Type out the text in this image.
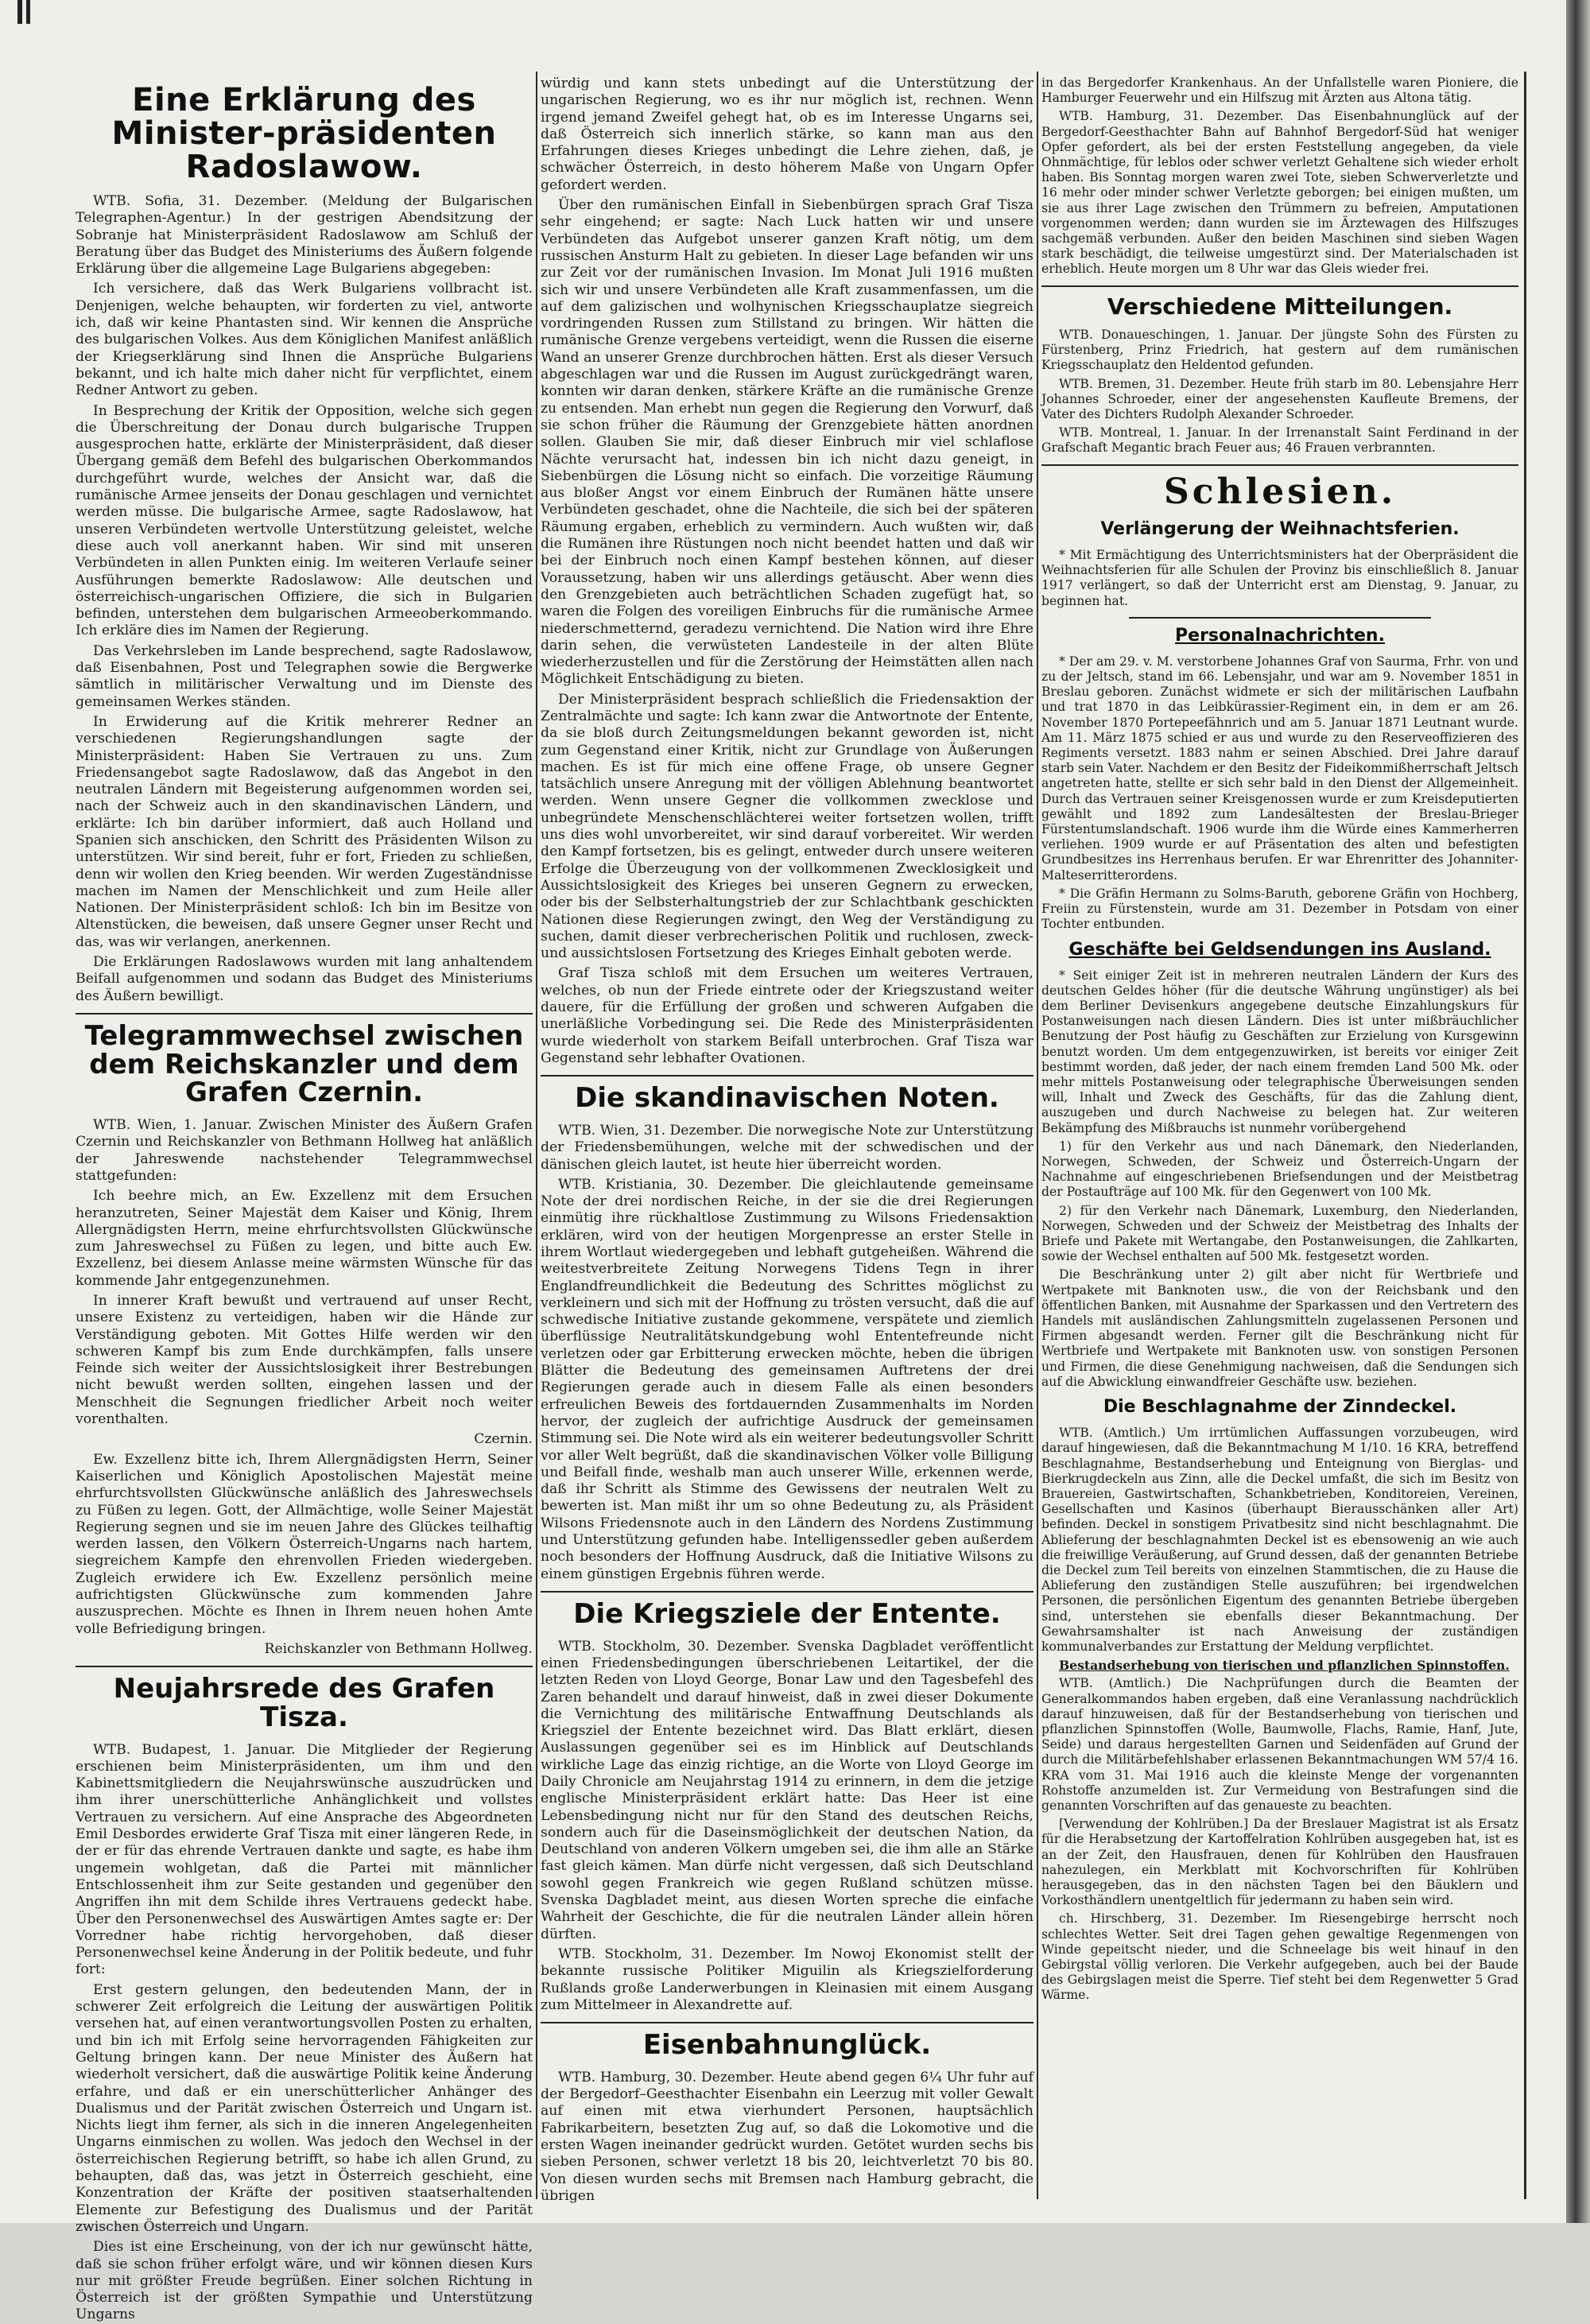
Eine Erklärung des Minister-präsidenten Radoslawow.

WTB. Sofia, 31. Dezember. (Meldung der Bulgarischen Telegraphen-Agentur.) In der gestrigen Abendsitzung der Sobranje hat Ministerpräsident Radoslawow am Schluß der Beratung über das Budget des Ministeriums des Äußern folgende Erklärung über die allgemeine Lage Bulgariens abgegeben:

Ich versichere, daß das Werk Bulgariens vollbracht ist. Denjenigen, welche behaupten, wir forderten zu viel, antworte ich, daß wir keine Phantasten sind. Wir kennen die Ansprüche des bulgarischen Volkes. Aus dem Königlichen Manifest anläßlich der Kriegserklärung sind Ihnen die Ansprüche Bulgariens bekannt, und ich halte mich daher nicht für verpflichtet, einem Redner Antwort zu geben.

In Besprechung der Kritik der Opposition, welche sich gegen die Überschreitung der Donau durch bulgarische Truppen ausgesprochen hatte, erklärte der Ministerpräsident, daß dieser Übergang gemäß dem Befehl des bulgarischen Oberkommandos durchgeführt wurde, welches der Ansicht war, daß die rumänische Armee jenseits der Donau geschlagen und vernichtet werden müsse. Die bulgarische Armee, sagte Radoslawow, hat unseren Verbündeten wertvolle Unterstützung geleistet, welche diese auch voll anerkannt haben. Wir sind mit unseren Verbündeten in allen Punkten einig. Im weiteren Verlaufe seiner Ausführungen bemerkte Radoslawow: Alle deutschen und österreichisch-ungarischen Offiziere, die sich in Bulgarien befinden, unterstehen dem bulgarischen Armeeoberkommando. Ich erkläre dies im Namen der Regierung.

Das Verkehrsleben im Lande besprechend, sagte Radoslawow, daß Eisenbahnen, Post und Telegraphen sowie die Bergwerke sämtlich in militärischer Verwaltung und im Dienste des gemeinsamen Werkes ständen.

In Erwiderung auf die Kritik mehrerer Redner an verschiedenen Regierungshandlungen sagte der Ministerpräsident: Haben Sie Vertrauen zu uns. Zum Friedensangebot sagte Radoslawow, daß das Angebot in den neutralen Ländern mit Begeisterung aufgenommen worden sei, nach der Schweiz auch in den skandinavischen Ländern, und erklärte: Ich bin darüber informiert, daß auch Holland und Spanien sich anschicken, den Schritt des Präsidenten Wilson zu unterstützen. Wir sind bereit, fuhr er fort, Frieden zu schließen, denn wir wollen den Krieg beenden. Wir werden Zugeständnisse machen im Namen der Menschlichkeit und zum Heile aller Nationen. Der Ministerpräsident schloß: Ich bin im Besitze von Altenstücken, die beweisen, daß unsere Gegner unser Recht und das, was wir verlangen, anerkennen.

Die Erklärungen Radoslawows wurden mit lang anhaltendem Beifall aufgenommen und sodann das Budget des Ministeriums des Äußern bewilligt.

Telegrammwechsel zwischen dem Reichskanzler und dem Grafen Czernin.

WTB. Wien, 1. Januar. Zwischen Minister des Äußern Grafen Czernin und Reichskanzler von Bethmann Hollweg hat anläßlich der Jahreswende nachstehender Telegrammwechsel stattgefunden:

Ich beehre mich, an Ew. Exzellenz mit dem Ersuchen heranzutreten, Seiner Majestät dem Kaiser und König, Ihrem Allergnädigsten Herrn, meine ehrfurchtsvollsten Glückwünsche zum Jahreswechsel zu Füßen zu legen, und bitte auch Ew. Exzellenz, bei diesem Anlasse meine wärmsten Wünsche für das kommende Jahr entgegenzunehmen.

In innerer Kraft bewußt und vertrauend auf unser Recht, unsere Existenz zu verteidigen, haben wir die Hände zur Verständigung geboten. Mit Gottes Hilfe werden wir den schweren Kampf bis zum Ende durchkämpfen, falls unsere Feinde sich weiter der Aussichtslosigkeit ihrer Bestrebungen nicht bewußt werden sollten, eingehen lassen und der Menschheit die Segnungen friedlicher Arbeit noch weiter vorenthalten.

Czernin.

Ew. Exzellenz bitte ich, Ihrem Allergnädigsten Herrn, Seiner Kaiserlichen und Königlich Apostolischen Majestät meine ehrfurchtsvollsten Glückwünsche anläßlich des Jahreswechsels zu Füßen zu legen. Gott, der Allmächtige, wolle Seiner Majestät Regierung segnen und sie im neuen Jahre des Glückes teilhaftig werden lassen, den Völkern Österreich-Ungarns nach hartem, siegreichem Kampfe den ehrenvollen Frieden wiedergeben. Zugleich erwidere ich Ew. Exzellenz persönlich meine aufrichtigsten Glückwünsche zum kommenden Jahre auszusprechen. Möchte es Ihnen in Ihrem neuen hohen Amte volle Befriedigung bringen.

Reichskanzler von Bethmann Hollweg.

Neujahrsrede des Grafen Tisza.

WTB. Budapest, 1. Januar. Die Mitglieder der Regierung erschienen beim Ministerpräsidenten, um ihm und den Kabinettsmitgliedern die Neujahrswünsche auszudrücken und ihm ihrer unerschütterliche Anhänglichkeit und vollstes Vertrauen zu versichern. Auf eine Ansprache des Abgeordneten Emil Desbordes erwiderte Graf Tisza mit einer längeren Rede, in der er für das ehrende Vertrauen dankte und sagte, es habe ihm ungemein wohlgetan, daß die Partei mit männlicher Entschlossenheit ihm zur Seite gestanden und gegenüber den Angriffen ihn mit dem Schilde ihres Vertrauens gedeckt habe. Über den Personenwechsel des Auswärtigen Amtes sagte er: Der Vorredner habe richtig hervorgehoben, daß dieser Personenwechsel keine Änderung in der Politik bedeute, und fuhr fort:

Erst gestern gelungen, den bedeutenden Mann, der in schwerer Zeit erfolgreich die Leitung der auswärtigen Politik versehen hat, auf einen verantwortungsvollen Posten zu erhalten, und bin ich mit Erfolg seine hervorragenden Fähigkeiten zur Geltung bringen kann. Der neue Minister des Äußern hat wiederholt versichert, daß die auswärtige Politik keine Änderung erfahre, und daß er ein unerschütterlicher Anhänger des Dualismus und der Parität zwischen Österreich und Ungarn ist. Nichts liegt ihm ferner, als sich in die inneren Angelegenheiten Ungarns einmischen zu wollen. Was jedoch den Wechsel in der österreichischen Regierung betrifft, so habe ich allen Grund, zu behaupten, daß das, was jetzt in Österreich geschieht, eine Konzentration der Kräfte der positiven staatserhaltenden Elemente zur Befestigung des Dualismus und der Parität zwischen Österreich und Ungarn.

Dies ist eine Erscheinung, von der ich nur gewünscht hätte, daß sie schon früher erfolgt wäre, und wir können diesen Kurs nur mit größter Freude begrüßen. Einer solchen Richtung in Österreich ist der größten Sympathie und Unterstützung Ungarns

würdig und kann stets unbedingt auf die Unterstützung der ungarischen Regierung, wo es ihr nur möglich ist, rechnen. Wenn irgend jemand Zweifel gehegt hat, ob es im Interesse Ungarns sei, daß Österreich sich innerlich stärke, so kann man aus den Erfahrungen dieses Krieges unbedingt die Lehre ziehen, daß, je schwächer Österreich, in desto höherem Maße von Ungarn Opfer gefordert werden.

Über den rumänischen Einfall in Siebenbürgen sprach Graf Tisza sehr eingehend; er sagte: Nach Luck hatten wir und unsere Verbündeten das Aufgebot unserer ganzen Kraft nötig, um dem russischen Ansturm Halt zu gebieten. In dieser Lage befanden wir uns zur Zeit vor der rumänischen Invasion. Im Monat Juli 1916 mußten sich wir und unsere Verbündeten alle Kraft zusammenfassen, um die auf dem galizischen und wolhynischen Kriegsschauplatze siegreich vordringenden Russen zum Stillstand zu bringen. Wir hätten die rumänische Grenze vergebens verteidigt, wenn die Russen die eiserne Wand an unserer Grenze durchbrochen hätten. Erst als dieser Versuch abgeschlagen war und die Russen im August zurückgedrängt waren, konnten wir daran denken, stärkere Kräfte an die rumänische Grenze zu entsenden. Man erhebt nun gegen die Regierung den Vorwurf, daß sie schon früher die Räumung der Grenzgebiete hätten anordnen sollen. Glauben Sie mir, daß dieser Einbruch mir viel schlaflose Nächte verursacht hat, indessen bin ich nicht dazu geneigt, in Siebenbürgen die Lösung nicht so einfach. Die vorzeitige Räumung aus bloßer Angst vor einem Einbruch der Rumänen hätte unsere Verbündeten geschadet, ohne die Nachteile, die sich bei der späteren Räumung ergaben, erheblich zu vermindern. Auch wußten wir, daß die Rumänen ihre Rüstungen noch nicht beendet hatten und daß wir bei der Einbruch noch einen Kampf bestehen können, auf dieser Voraussetzung, haben wir uns allerdings getäuscht. Aber wenn dies den Grenzgebieten auch beträchtlichen Schaden zugefügt hat, so waren die Folgen des voreiligen Einbruchs für die rumänische Armee niederschmetternd, geradezu vernichtend. Die Nation wird ihre Ehre darin sehen, die verwüsteten Landesteile in der alten Blüte wiederherzustellen und für die Zerstörung der Heimstätten allen nach Möglichkeit Entschädigung zu bieten.

Der Ministerpräsident besprach schließlich die Friedensaktion der Zentralmächte und sagte: Ich kann zwar die Antwortnote der Entente, da sie bloß durch Zeitungsmeldungen bekannt geworden ist, nicht zum Gegenstand einer Kritik, nicht zur Grundlage von Äußerungen machen. Es ist für mich eine offene Frage, ob unsere Gegner tatsächlich unsere Anregung mit der völligen Ablehnung beantwortet werden. Wenn unsere Gegner die vollkommen zwecklose und unbegründete Menschenschlächterei weiter fortsetzen wollen, trifft uns dies wohl unvorbereitet, wir sind darauf vorbereitet. Wir werden den Kampf fortsetzen, bis es gelingt, entweder durch unsere weiteren Erfolge die Überzeugung von der vollkommenen Zwecklosigkeit und Aussichtslosigkeit des Krieges bei unseren Gegnern zu erwecken, oder bis der Selbsterhaltungstrieb der zur Schlachtbank geschickten Nationen diese Regierungen zwingt, den Weg der Verständigung zu suchen, damit dieser verbrecherischen Politik und ruchlosen, zweck- und aussichtslosen Fortsetzung des Krieges Einhalt geboten werde.

Graf Tisza schloß mit dem Ersuchen um weiteres Vertrauen, welches, ob nun der Friede eintrete oder der Kriegszustand weiter dauere, für die Erfüllung der großen und schweren Aufgaben die unerläßliche Vorbedingung sei. Die Rede des Ministerpräsidenten wurde wiederholt von starkem Beifall unterbrochen. Graf Tisza war Gegenstand sehr lebhafter Ovationen.

Die skandinavischen Noten.

WTB. Wien, 31. Dezember. Die norwegische Note zur Unterstützung der Friedensbemühungen, welche mit der schwedischen und der dänischen gleich lautet, ist heute hier überreicht worden.

WTB. Kristiania, 30. Dezember. Die gleichlautende gemeinsame Note der drei nordischen Reiche, in der sie die drei Regierungen einmütig ihre rückhaltlose Zustimmung zu Wilsons Friedensaktion erklären, wird von der heutigen Morgenpresse an erster Stelle in ihrem Wortlaut wiedergegeben und lebhaft gutgeheißen. Während die weitestverbreitete Zeitung Norwegens Tidens Tegn in ihrer Englandfreundlichkeit die Bedeutung des Schrittes möglichst zu verkleinern und sich mit der Hoffnung zu trösten versucht, daß die auf schwedische Initiative zustande gekommene, verspätete und ziemlich überflüssige Neutralitätskundgebung wohl Ententefreunde nicht verletzen oder gar Erbitterung erwecken möchte, heben die übrigen Blätter die Bedeutung des gemeinsamen Auftretens der drei Regierungen gerade auch in diesem Falle als einen besonders erfreulichen Beweis des fortdauernden Zusammenhalts im Norden hervor, der zugleich der aufrichtige Ausdruck der gemeinsamen Stimmung sei. Die Note wird als ein weiterer bedeutungsvoller Schritt vor aller Welt begrüßt, daß die skandinavischen Völker volle Billigung und Beifall finde, weshalb man auch unserer Wille, erkennen werde, daß ihr Schritt als Stimme des Gewissens der neutralen Welt zu bewerten ist. Man mißt ihr um so ohne Bedeutung zu, als Präsident Wilsons Friedensnote auch in den Ländern des Nordens Zustimmung und Unterstützung gefunden habe. Intelligenssedler geben außerdem noch besonders der Hoffnung Ausdruck, daß die Initiative Wilsons zu einem günstigen Ergebnis führen werde.

Die Kriegsziele der Entente.

WTB. Stockholm, 30. Dezember. Svenska Dagbladet veröffentlicht einen Friedensbedingungen überschriebenen Leitartikel, der die letzten Reden von Lloyd George, Bonar Law und den Tagesbefehl des Zaren behandelt und darauf hinweist, daß in zwei dieser Dokumente die Vernichtung des militärische Entwaffnung Deutschlands als Kriegsziel der Entente bezeichnet wird. Das Blatt erklärt, diesen Auslassungen gegenüber sei es im Hinblick auf Deutschlands wirkliche Lage das einzig richtige, an die Worte von Lloyd George im Daily Chronicle am Neujahrstag 1914 zu erinnern, in dem die jetzige englische Ministerpräsident erklärt hatte: Das Heer ist eine Lebensbedingung nicht nur für den Stand des deutschen Reichs, sondern auch für die Daseinsmöglichkeit der deutschen Nation, da Deutschland von anderen Völkern umgeben sei, die ihm alle an Stärke fast gleich kämen. Man dürfe nicht vergessen, daß sich Deutschland sowohl gegen Frankreich wie gegen Rußland schützen müsse. Svenska Dagbladet meint, aus diesen Worten spreche die einfache Wahrheit der Geschichte, die für die neutralen Länder allein hören dürften.

WTB. Stockholm, 31. Dezember. Im Nowoj Ekonomist stellt der bekannte russische Politiker Miguilin als Kriegszielforderung Rußlands große Landerwerbungen in Kleinasien mit einem Ausgang zum Mittelmeer in Alexandrette auf.

Eisenbahnunglück.

WTB. Hamburg, 30. Dezember. Heute abend gegen 6¼ Uhr fuhr auf der Bergedorf–Geesthachter Eisenbahn ein Leerzug mit voller Gewalt auf einen mit etwa vierhundert Personen, hauptsächlich Fabrikarbeitern, besetzten Zug auf, so daß die Lokomotive und die ersten Wagen ineinander gedrückt wurden. Getötet wurden sechs bis sieben Personen, schwer verletzt 18 bis 20, leichtverletzt 70 bis 80. Von diesen wurden sechs mit Bremsen nach Hamburg gebracht, die übrigen

in das Bergedorfer Krankenhaus. An der Unfallstelle waren Pioniere, die Hamburger Feuerwehr und ein Hilfszug mit Ärzten aus Altona tätig.

WTB. Hamburg, 31. Dezember. Das Eisenbahnunglück auf der Bergedorf-Geesthachter Bahn auf Bahnhof Bergedorf-Süd hat weniger Opfer gefordert, als bei der ersten Feststellung angegeben, da viele Ohnmächtige, für leblos oder schwer verletzt Gehaltene sich wieder erholt haben. Bis Sonntag morgen waren zwei Tote, sieben Schwerverletzte und 16 mehr oder minder schwer Verletzte geborgen; bei einigen mußten, um sie aus ihrer Lage zwischen den Trümmern zu befreien, Amputationen vorgenommen werden; dann wurden sie im Ärztewagen des Hilfszuges sachgemäß verbunden. Außer den beiden Maschinen sind sieben Wagen stark beschädigt, die teilweise umgestürzt sind. Der Materialschaden ist erheblich. Heute morgen um 8 Uhr war das Gleis wieder frei.

Verschiedene Mitteilungen.

WTB. Donaueschingen, 1. Januar. Der jüngste Sohn des Fürsten zu Fürstenberg, Prinz Friedrich, hat gestern auf dem rumänischen Kriegsschauplatz den Heldentod gefunden.

WTB. Bremen, 31. Dezember. Heute früh starb im 80. Lebensjahre Herr Johannes Schroeder, einer der angesehensten Kaufleute Bremens, der Vater des Dichters Rudolph Alexander Schroeder.

WTB. Montreal, 1. Januar. In der Irrenanstalt Saint Ferdinand in der Grafschaft Megantic brach Feuer aus; 46 Frauen verbrannten.

Schlesien.
Verlängerung der Weihnachtsferien.

* Mit Ermächtigung des Unterrichtsministers hat der Oberpräsident die Weihnachtsferien für alle Schulen der Provinz bis einschließlich 8. Januar 1917 verlängert, so daß der Unterricht erst am Dienstag, 9. Januar, zu beginnen hat.

Personalnachrichten.

* Der am 29. v. M. verstorbene Johannes Graf von Saurma, Frhr. von und zu der Jeltsch, stand im 66. Lebensjahr, und war am 9. November 1851 in Breslau geboren. Zunächst widmete er sich der militärischen Laufbahn und trat 1870 in das Leibkürassier-Regiment ein, in dem er am 26. November 1870 Portepeefähnrich und am 5. Januar 1871 Leutnant wurde. Am 11. März 1875 schied er aus und wurde zu den Reserveoffizieren des Regiments versetzt. 1883 nahm er seinen Abschied. Drei Jahre darauf starb sein Vater. Nachdem er den Besitz der Fideikommißherrschaft Jeltsch angetreten hatte, stellte er sich sehr bald in den Dienst der Allgemeinheit. Durch das Vertrauen seiner Kreisgenossen wurde er zum Kreisdeputierten gewählt und 1892 zum Landesältesten der Breslau-Brieger Fürstentumslandschaft. 1906 wurde ihm die Würde eines Kammerherren verliehen. 1909 wurde er auf Präsentation des alten und befestigten Grundbesitzes ins Herrenhaus berufen. Er war Ehrenritter des Johanniter-Malteserritterordens.

* Die Gräfin Hermann zu Solms-Baruth, geborene Gräfin von Hochberg, Freiin zu Fürstenstein, wurde am 31. Dezember in Potsdam von einer Tochter entbunden.

Geschäfte bei Geldsendungen ins Ausland.

* Seit einiger Zeit ist in mehreren neutralen Ländern der Kurs des deutschen Geldes höher (für die deutsche Währung ungünstiger) als bei dem Berliner Devisenkurs angegebene deutsche Einzahlungskurs für Postanweisungen nach diesen Ländern. Dies ist unter mißbräuchlicher Benutzung der Post häufig zu Geschäften zur Erzielung von Kursgewinn benutzt worden. Um dem entgegenzuwirken, ist bereits vor einiger Zeit bestimmt worden, daß jeder, der nach einem fremden Land 500 Mk. oder mehr mittels Postanweisung oder telegraphische Überweisungen senden will, Inhalt und Zweck des Geschäfts, für das die Zahlung dient, auszugeben und durch Nachweise zu belegen hat. Zur weiteren Bekämpfung des Mißbrauchs ist nunmehr vorübergehend

1) für den Verkehr aus und nach Dänemark, den Niederlanden, Norwegen, Schweden, der Schweiz und Österreich-Ungarn der Nachnahme auf eingeschriebenen Briefsendungen und der Meistbetrag der Postaufträge auf 100 Mk. für den Gegenwert von 100 Mk.

2) für den Verkehr nach Dänemark, Luxemburg, den Niederlanden, Norwegen, Schweden und der Schweiz der Meistbetrag des Inhalts der Briefe und Pakete mit Wertangabe, den Postanweisungen, die Zahlkarten, sowie der Wechsel enthalten auf 500 Mk. festgesetzt worden.

Die Beschränkung unter 2) gilt aber nicht für Wertbriefe und Wertpakete mit Banknoten usw., die von der Reichsbank und den öffentlichen Banken, mit Ausnahme der Sparkassen und den Vertretern des Handels mit ausländischen Zahlungsmitteln zugelassenen Personen und Firmen abgesandt werden. Ferner gilt die Beschränkung nicht für Wertbriefe und Wertpakete mit Banknoten usw. von sonstigen Personen und Firmen, die diese Genehmigung nachweisen, daß die Sendungen sich auf die Abwicklung einwandfreier Geschäfte usw. beziehen.

Die Beschlagnahme der Zinndeckel.

WTB. (Amtlich.) Um irrtümlichen Auffassungen vorzubeugen, wird darauf hingewiesen, daß die Bekanntmachung M 1/10. 16 KRA, betreffend Beschlagnahme, Bestandserhebung und Enteignung von Bierglas- und Bierkrugdeckeln aus Zinn, alle die Deckel umfaßt, die sich im Besitz von Brauereien, Gastwirtschaften, Schankbetrieben, Konditoreien, Vereinen, Gesellschaften und Kasinos (überhaupt Bierausschänken aller Art) befinden. Deckel in sonstigem Privatbesitz sind nicht beschlagnahmt. Die Ablieferung der beschlagnahmten Deckel ist es ebensowenig an wie auch die freiwillige Veräußerung, auf Grund dessen, daß der genannten Betriebe die Deckel zum Teil bereits von einzelnen Stammtischen, die zu Hause die Ablieferung den zuständigen Stelle auszuführen; bei irgendwelchen Personen, die persönlichen Eigentum des genannten Betriebe übergeben sind, unterstehen sie ebenfalls dieser Bekanntmachung. Der Gewahrsamshalter ist nach Anweisung der zuständigen kommunalverbandes zur Erstattung der Meldung verpflichtet.

Bestandserhebung von tierischen und pflanzlichen Spinnstoffen.

WTB. (Amtlich.) Die Nachprüfungen durch die Beamten der Generalkommandos haben ergeben, daß eine Veranlassung nachdrücklich darauf hinzuweisen, daß für der Bestandserhebung von tierischen und pflanzlichen Spinnstoffen (Wolle, Baumwolle, Flachs, Ramie, Hanf, Jute, Seide) und daraus hergestellten Garnen und Seidenfäden auf Grund der durch die Militärbefehlshaber erlassenen Bekanntmachungen WM 57/4 16. KRA vom 31. Mai 1916 auch die kleinste Menge der vorgenannten Rohstoffe anzumelden ist. Zur Vermeidung von Bestrafungen sind die genannten Vorschriften auf das genaueste zu beachten.

[Verwendung der Kohlrüben.] Da der Breslauer Magistrat ist als Ersatz für die Herabsetzung der Kartoffelration Kohlrüben ausgegeben hat, ist es an der Zeit, den Hausfrauen, denen für Kohlrüben den Hausfrauen nahezulegen, ein Merkblatt mit Kochvorschriften für Kohlrüben herausgegeben, das in den nächsten Tagen bei den Bäuklern und Vorkosthändlern unentgeltlich für jedermann zu haben sein wird.

ch. Hirschberg, 31. Dezember. Im Riesengebirge herrscht noch schlechtes Wetter. Seit drei Tagen gehen gewaltige Regenmengen von Winde gepeitscht nieder, und die Schneelage bis weit hinauf in den Gebirgstal völlig verloren. Die Verkehr aufgegeben, auch bei der Baude des Gebirgslagen meist die Sperre. Tief steht bei dem Regenwetter 5 Grad Wärme.
